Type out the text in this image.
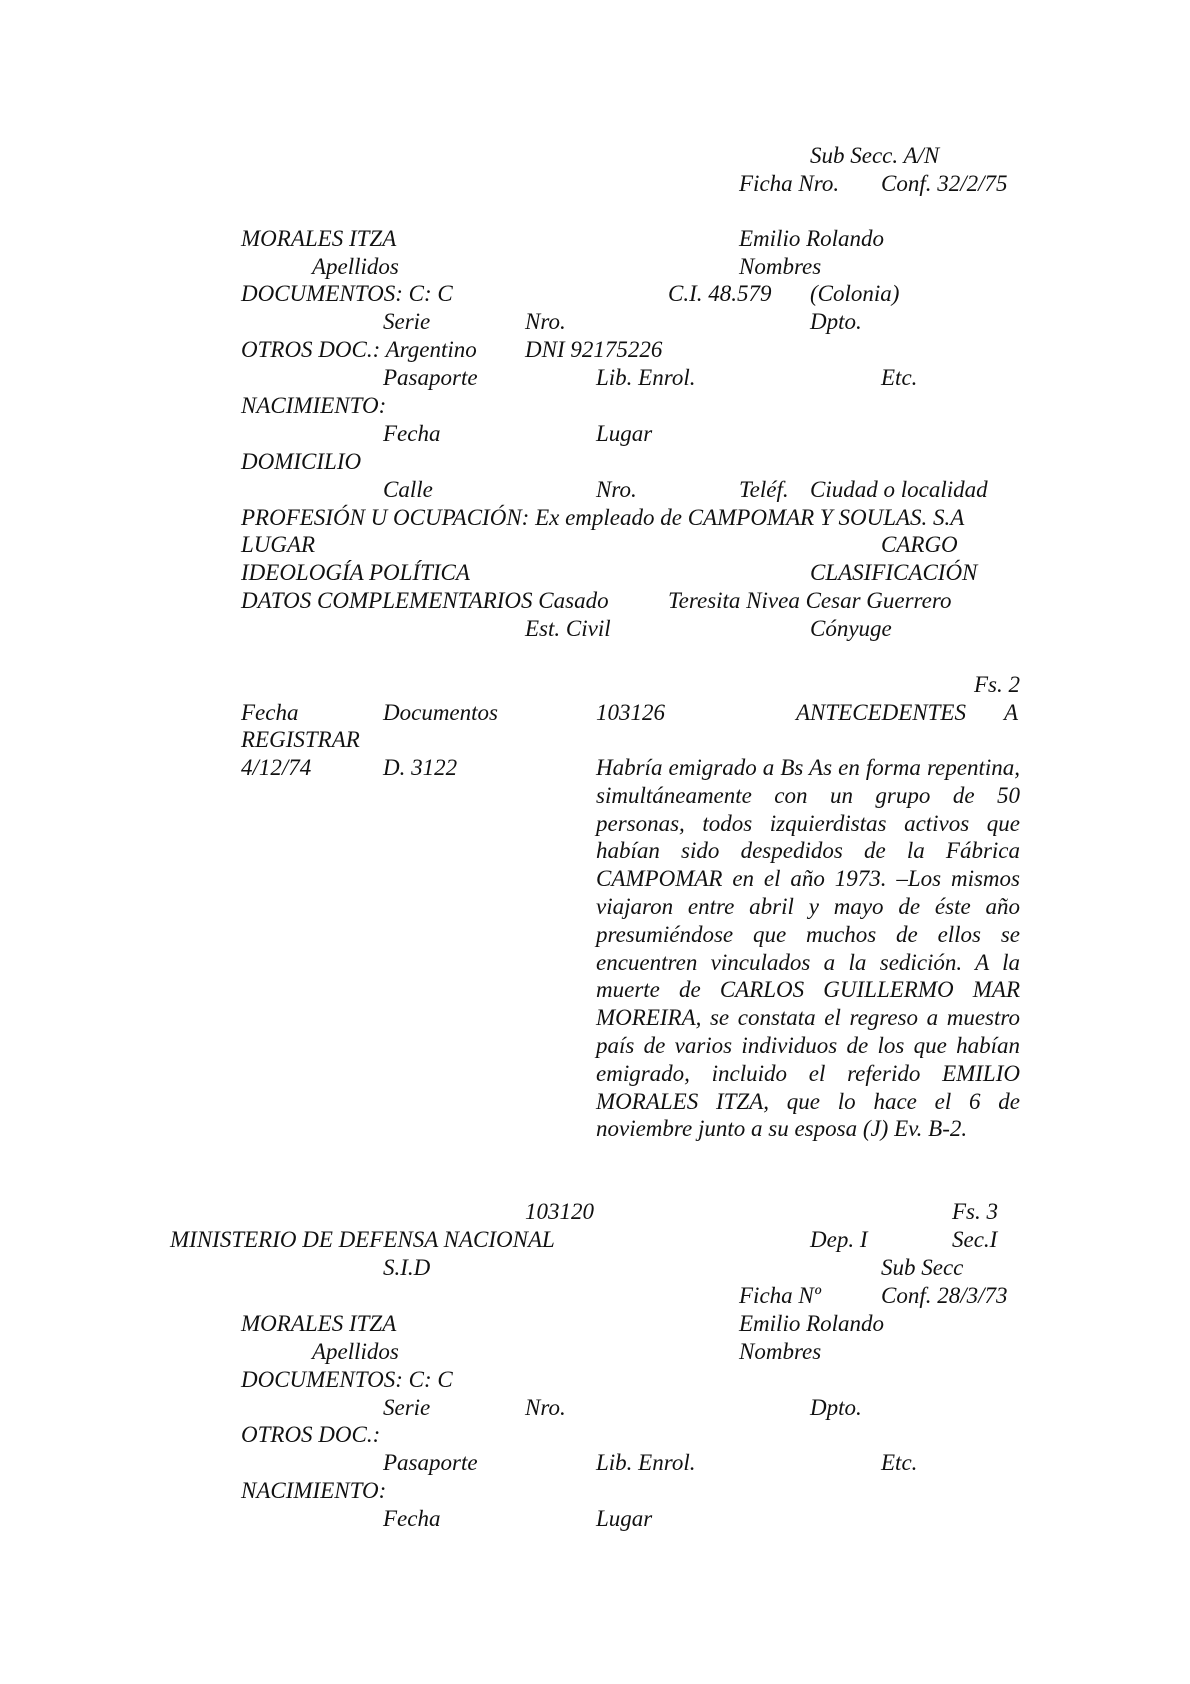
Sub Secc. A/N
Ficha Nro. Conf. 32/2/75
MORALES ITZA	Emilio Rolando
Apellidos	Nombres
DOCUMENTOS: C: C	C.I. 48.579 (Colonia)
Serie	Nro.	Dpto.
OTROS DOC.: Argentino DNI 92175226
Pasaporte	Lib. Enrol.	Etc.
NACIMIENTO:
Fecha	Lugar
DOMICILIO
Calle	Nro.	Teléf. Ciudad o localidad
PROFESIÓN U OCUPACIÓN: Ex empleado de CAMPOMAR Y SOULAS. S.A
LUGAR	CARGO
IDEOLOGÍA POLÍTICA	CLASIFICACIÓN
DATOS COMPLEMENTARIOS Casado	Teresita Nivea Cesar Guerrero
Est. Civil	Cónyuge
Fs. 2
Fecha	Documentos	103126	ANTECEDENTES A
REGISTRAR
4/12/74	D. 3122	Habría emigrado a Bs As en forma repentina, simultáneamente con un grupo de 50 personas, todos izquierdistas activos que habían sido despedidos de la Fábrica CAMPOMAR en el año 1973. –Los mismos viajaron entre abril y mayo de éste año presumiéndose que muchos de ellos se encuentren vinculados a la sedición. A la muerte de CARLOS GUILLERMO MAR MOREIRA, se constata el regreso a muestro país de varios individuos de los que habían emigrado, incluido el referido EMILIO MORALES ITZA, que lo hace el 6 de noviembre junto a su esposa (J) Ev. B-2.
103120	Fs. 3
MINISTERIO DE DEFENSA NACIONAL	Dep. I	Sec.I
S.I.D	Sub Secc
Ficha Nº	Conf. 28/3/73
MORALES ITZA	Emilio Rolando
Apellidos	Nombres
DOCUMENTOS: C: C
Serie	Nro.	Dpto.
OTROS DOC.:
Pasaporte	Lib. Enrol.	Etc.
NACIMIENTO:
Fecha	Lugar
